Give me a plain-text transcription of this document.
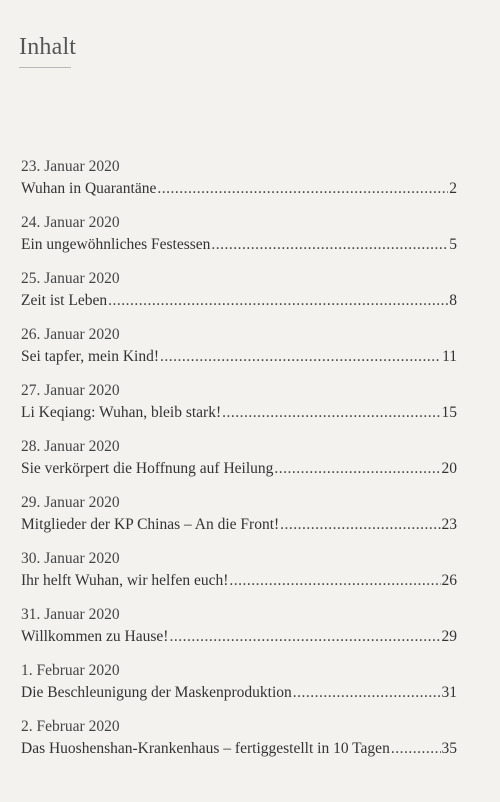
Inhalt
23. Januar 2020
Wuhan in Quarantäne .....	2
24. Januar 2020
Ein ungewöhnliches Festessen .....	5
25. Januar 2020
Zeit ist Leben .....	8
26. Januar 2020
Sei tapfer, mein Kind! .....	11
27. Januar 2020
Li Keqiang: Wuhan, bleib stark! .....	15
28. Januar 2020
Sie verkörpert die Hoffnung auf Heilung .....	20
29. Januar 2020
Mitglieder der KP Chinas – An die Front! .....	23
30. Januar 2020
Ihr helft Wuhan, wir helfen euch! .....	26
31. Januar 2020
Willkommen zu Hause! .....	29
1. Februar 2020
Die Beschleunigung der Maskenproduktion .....	31
2. Februar 2020
Das Huoshenshan-Krankenhaus – fertiggestellt in 10 Tagen .....	35
